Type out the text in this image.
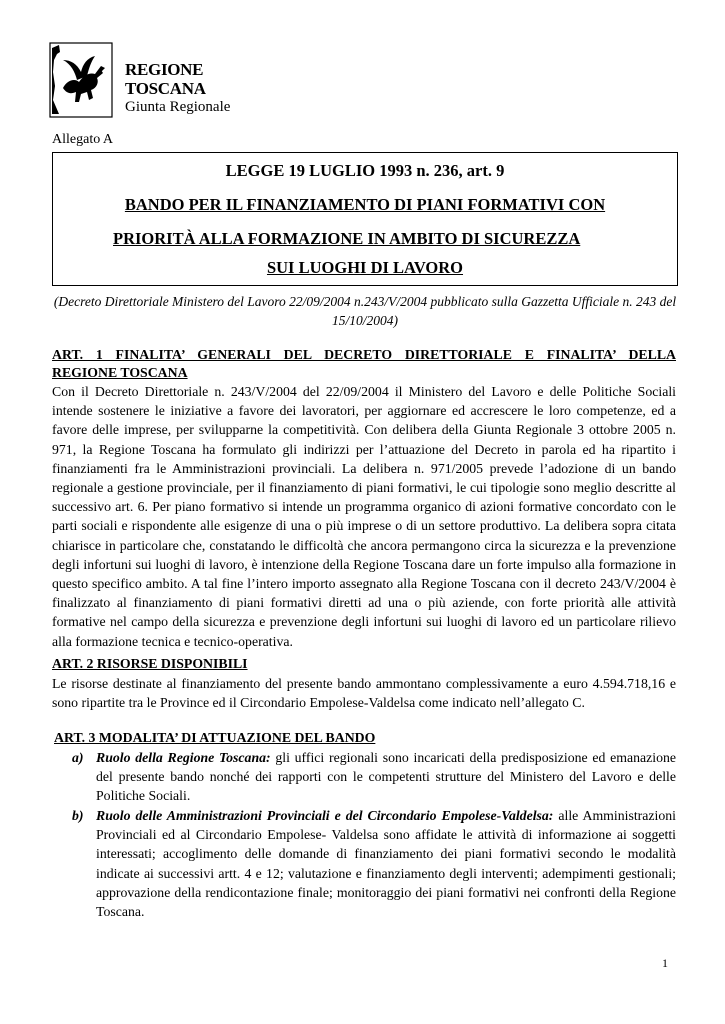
REGIONE TOSCANA
Giunta Regionale
Allegato A
LEGGE 19 LUGLIO 1993 n. 236, art. 9
BANDO PER IL FINANZIAMENTO DI PIANI FORMATIVI CON
PRIORITÀ ALLA FORMAZIONE IN AMBITO DI SICUREZZA
SUI LUOGHI DI LAVORO
(Decreto Direttoriale Ministero del Lavoro 22/09/2004 n.243/V/2004 pubblicato sulla Gazzetta Ufficiale n. 243 del 15/10/2004)
ART. 1 FINALITA’ GENERALI DEL DECRETO DIRETTORIALE E FINALITA’ DELLA
REGIONE TOSCANA
Con il Decreto Direttoriale n. 243/V/2004 del 22/09/2004 il Ministero del Lavoro e delle Politiche Sociali intende sostenere le iniziative a favore dei lavoratori, per aggiornare ed accrescere le loro competenze, ed a favore delle imprese, per svilupparne la competitività. Con delibera della Giunta Regionale 3 ottobre 2005 n. 971, la Regione Toscana ha formulato gli indirizzi per l’attuazione del Decreto in parola ed ha ripartito i finanziamenti fra le Amministrazioni provinciali. La delibera n. 971/2005 prevede l’adozione di un bando regionale a gestione provinciale, per il finanziamento di piani formativi, le cui tipologie sono meglio descritte al successivo art. 6. Per piano formativo si intende un programma organico di azioni formative concordato con le parti sociali e rispondente alle esigenze di una o più imprese o di un settore produttivo. La delibera sopra citata chiarisce in particolare che, constatando le difficoltà che ancora permangono circa la sicurezza e la prevenzione degli infortuni sui luoghi di lavoro, è intenzione della Regione Toscana dare un forte impulso alla formazione in questo specifico ambito. A tal fine l’intero importo assegnato alla Regione Toscana con il decreto 243/V/2004 è finalizzato al finanziamento di piani formativi diretti ad una o più aziende, con forte priorità alle attività formative nel campo della sicurezza e prevenzione degli infortuni sui luoghi di lavoro ed un particolare rilievo alla formazione tecnica e tecnico-operativa.
ART. 2 RISORSE DISPONIBILI
Le risorse destinate al finanziamento del presente bando ammontano complessivamente a euro 4.594.718,16 e sono ripartite tra le Province ed il Circondario Empolese-Valdelsa come indicato nell’allegato C.
ART. 3 MODALITA’ DI ATTUAZIONE DEL BANDO
a) Ruolo della Regione Toscana: gli uffici regionali sono incaricati della predisposizione ed emanazione del presente bando nonché dei rapporti con le competenti strutture del Ministero del Lavoro e delle Politiche Sociali.
b) Ruolo delle Amministrazioni Provinciali e del Circondario Empolese-Valdelsa: alle Amministrazioni Provinciali ed al Circondario Empolese- Valdelsa sono affidate le attività di informazione ai soggetti interessati; accoglimento delle domande di finanziamento dei piani formativi secondo le modalità indicate ai successivi artt. 4 e 12; valutazione e finanziamento degli interventi; adempimenti gestionali; approvazione della rendicontazione finale; monitoraggio dei piani formativi nei confronti della Regione Toscana.
1
